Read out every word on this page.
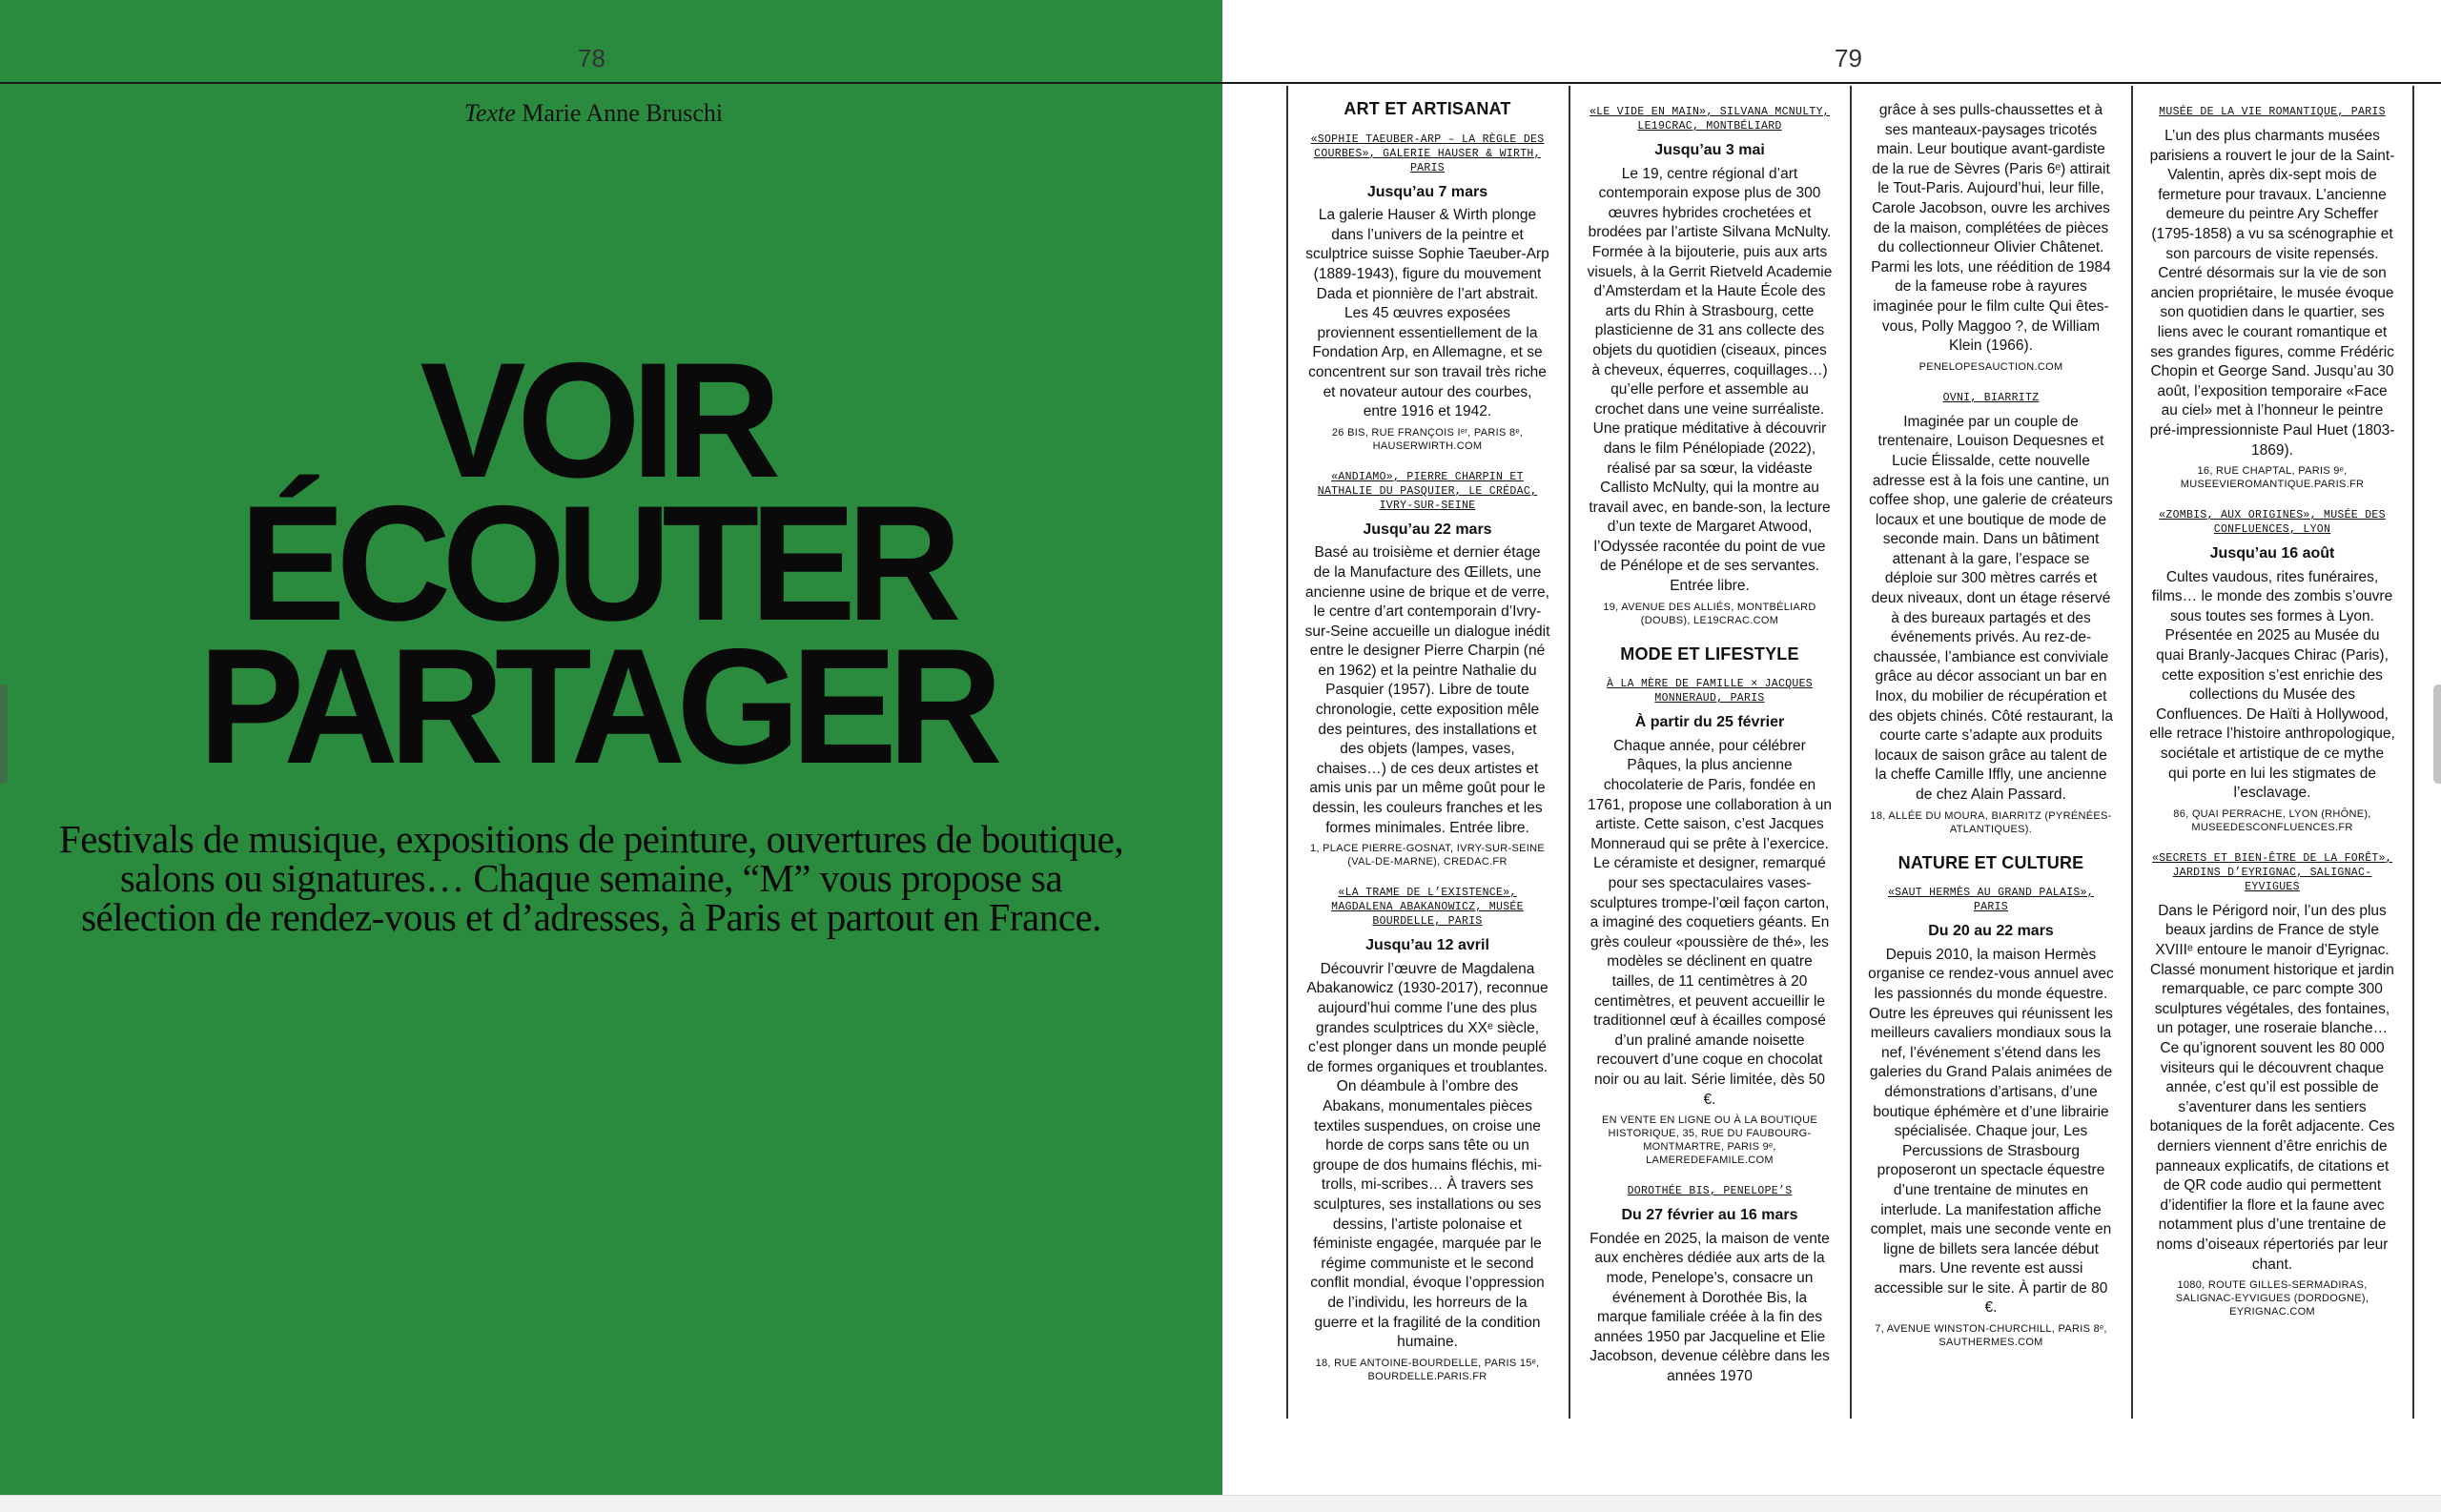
78
Texte Marie Anne Bruschi
VOIR
ÉCOUTER
PARTAGER
Festivals de musique, expositions de peinture, ouvertures de boutique, salons ou signatures… Chaque semaine, “M” vous propose sa sélection de rendez-vous et d’adresses, à Paris et partout en France.
79
ART ET ARTISANAT
«SOPHIE TAEUBER-ARP – LA RÈGLE DES COURBES», GALERIE HAUSER & WIRTH, PARIS
Jusqu’au 7 mars
La galerie Hauser & Wirth plonge dans l’univers de la peintre et sculptrice suisse Sophie Taeuber-Arp (1889-1943), figure du mouvement Dada et pionnière de l’art abstrait. Les 45 œuvres exposées proviennent essentiellement de la Fondation Arp, en Allemagne, et se concentrent sur son travail très riche et novateur autour des courbes, entre 1916 et 1942.
26 BIS, RUE FRANÇOIS Iᵉʳ, PARIS 8ᵉ, HAUSERWIRTH.COM
«ANDIAMO», PIERRE CHARPIN ET NATHALIE DU PASQUIER, LE CRÉDAC, IVRY-SUR-SEINE
Jusqu’au 22 mars
Basé au troisième et dernier étage de la Manufacture des Œillets, une ancienne usine de brique et de verre, le centre d’art contemporain d’Ivry-sur-Seine accueille un dialogue inédit entre le designer Pierre Charpin (né en 1962) et la peintre Nathalie du Pasquier (1957). Libre de toute chronologie, cette exposition mêle des peintures, des installations et des objets (lampes, vases, chaises…) de ces deux artistes et amis unis par un même goût pour le dessin, les couleurs franches et les formes minimales. Entrée libre.
1, PLACE PIERRE-GOSNAT, IVRY-SUR-SEINE (VAL-DE-MARNE), CREDAC.FR
«LA TRAME DE L’EXISTENCE», MAGDALENA ABAKANOWICZ, MUSÉE BOURDELLE, PARIS
Jusqu’au 12 avril
Découvrir l’œuvre de Magdalena Abakanowicz (1930-2017), reconnue aujourd’hui comme l’une des plus grandes sculptrices du XXᵉ siècle, c’est plonger dans un monde peuplé de formes organiques et troublantes. On déambule à l’ombre des Abakans, monumentales pièces textiles suspendues, on croise une horde de corps sans tête ou un groupe de dos humains fléchis, mi-trolls, mi-scribes… À travers ses sculptures, ses installations ou ses dessins, l’artiste polonaise et féministe engagée, marquée par le régime communiste et le second conflit mondial, évoque l’oppression de l’individu, les horreurs de la guerre et la fragilité de la condition humaine.
18, RUE ANTOINE-BOURDELLE, PARIS 15ᵉ, BOURDELLE.PARIS.FR
«LE VIDE EN MAIN», SILVANA MCNULTY, LE19CRAC, MONTBÉLIARD
Jusqu’au 3 mai
Le 19, centre régional d’art contemporain expose plus de 300 œuvres hybrides crochetées et brodées par l’artiste Silvana McNulty. Formée à la bijouterie, puis aux arts visuels, à la Gerrit Rietveld Academie d’Amsterdam et la Haute École des arts du Rhin à Strasbourg, cette plasticienne de 31 ans collecte des objets du quotidien (ciseaux, pinces à cheveux, équerres, coquillages…) qu’elle perfore et assemble au crochet dans une veine surréaliste. Une pratique méditative à découvrir dans le film Pénélopiade (2022), réalisé par sa sœur, la vidéaste Callisto McNulty, qui la montre au travail avec, en bande-son, la lecture d’un texte de Margaret Atwood, l’Odyssée racontée du point de vue de Pénélope et de ses servantes. Entrée libre.
19, AVENUE DES ALLIÉS, MONTBÉLIARD (DOUBS), LE19CRAC.COM
MODE ET LIFESTYLE
À LA MÈRE DE FAMILLE × JACQUES MONNERAUD, PARIS
À partir du 25 février
Chaque année, pour célébrer Pâques, la plus ancienne chocolaterie de Paris, fondée en 1761, propose une collaboration à un artiste. Cette saison, c’est Jacques Monneraud qui se prête à l’exercice. Le céramiste et designer, remarqué pour ses spectaculaires vases-sculptures trompe-l’œil façon carton, a imaginé des coquetiers géants. En grès couleur «poussière de thé», les modèles se déclinent en quatre tailles, de 11 centimètres à 20 centimètres, et peuvent accueillir le traditionnel œuf à écailles composé d’un praliné amande noisette recouvert d’une coque en chocolat noir ou au lait. Série limitée, dès 50 €.
EN VENTE EN LIGNE OU À LA BOUTIQUE HISTORIQUE, 35, RUE DU FAUBOURG-MONTMARTRE, PARIS 9ᵉ, LAMEREDEFAMILE.COM
DOROTHÉE BIS, PENELOPE’S
Du 27 février au 16 mars
Fondée en 2025, la maison de vente aux enchères dédiée aux arts de la mode, Penelope’s, consacre un événement à Dorothée Bis, la marque familiale créée à la fin des années 1950 par Jacqueline et Elie Jacobson, devenue célèbre dans les années 1970
grâce à ses pulls-chaussettes et à ses manteaux-paysages tricotés main. Leur boutique avant-gardiste de la rue de Sèvres (Paris 6ᵉ) attirait le Tout-Paris. Aujourd’hui, leur fille, Carole Jacobson, ouvre les archives de la maison, complétées de pièces du collectionneur Olivier Châtenet. Parmi les lots, une réédition de 1984 de la fameuse robe à rayures imaginée pour le film culte Qui êtes-vous, Polly Maggoo ?, de William Klein (1966).
PENELOPESAUCTION.COM
OVNI, BIARRITZ
Imaginée par un couple de trentenaire, Louison Dequesnes et Lucie Élissalde, cette nouvelle adresse est à la fois une cantine, un coffee shop, une galerie de créateurs locaux et une boutique de mode de seconde main. Dans un bâtiment attenant à la gare, l’espace se déploie sur 300 mètres carrés et deux niveaux, dont un étage réservé à des bureaux partagés et des événements privés. Au rez-de-chaussée, l’ambiance est conviviale grâce au décor associant un bar en Inox, du mobilier de récupération et des objets chinés. Côté restaurant, la courte carte s’adapte aux produits locaux de saison grâce au talent de la cheffe Camille Iffly, une ancienne de chez Alain Passard.
18, ALLÉE DU MOURA, BIARRITZ (PYRÉNÉES-ATLANTIQUES).
NATURE ET CULTURE
«SAUT HERMÈS AU GRAND PALAIS», PARIS
Du 20 au 22 mars
Depuis 2010, la maison Hermès organise ce rendez-vous annuel avec les passionnés du monde équestre. Outre les épreuves qui réunissent les meilleurs cavaliers mondiaux sous la nef, l’événement s’étend dans les galeries du Grand Palais animées de démonstrations d’artisans, d’une boutique éphémère et d’une librairie spécialisée. Chaque jour, Les Percussions de Strasbourg proposeront un spectacle équestre d’une trentaine de minutes en interlude. La manifestation affiche complet, mais une seconde vente en ligne de billets sera lancée début mars. Une revente est aussi accessible sur le site. À partir de 80 €.
7, AVENUE WINSTON-CHURCHILL, PARIS 8ᵉ, SAUTHERMES.COM
MUSÉE DE LA VIE ROMANTIQUE, PARIS
L’un des plus charmants musées parisiens a rouvert le jour de la Saint-Valentin, après dix-sept mois de fermeture pour travaux. L’ancienne demeure du peintre Ary Scheffer (1795-1858) a vu sa scénographie et son parcours de visite repensés. Centré désormais sur la vie de son ancien propriétaire, le musée évoque son quotidien dans le quartier, ses liens avec le courant romantique et ses grandes figures, comme Frédéric Chopin et George Sand. Jusqu’au 30 août, l’exposition temporaire «Face au ciel» met à l’honneur le peintre pré-impressionniste Paul Huet (1803-1869).
16, RUE CHAPTAL, PARIS 9ᵉ, MUSEEVIEROMANTIQUE.PARIS.FR
«ZOMBIS, AUX ORIGINES», MUSÉE DES CONFLUENCES, LYON
Jusqu’au 16 août
Cultes vaudous, rites funéraires, films… le monde des zombis s’ouvre sous toutes ses formes à Lyon. Présentée en 2025 au Musée du quai Branly-Jacques Chirac (Paris), cette exposition s’est enrichie des collections du Musée des Confluences. De Haïti à Hollywood, elle retrace l’histoire anthropologique, sociétale et artistique de ce mythe qui porte en lui les stigmates de l’esclavage.
86, QUAI PERRACHE, LYON (RHÔNE), MUSEEDESCONFLUENCES.FR
«SECRETS ET BIEN-ÊTRE DE LA FORÊT», JARDINS D’EYRIGNAC, SALIGNAC-EYVIGUES
Dans le Périgord noir, l’un des plus beaux jardins de France de style XVIIIᵉ entoure le manoir d’Eyrignac. Classé monument historique et jardin remarquable, ce parc compte 300 sculptures végétales, des fontaines, un potager, une roseraie blanche… Ce qu’ignorent souvent les 80 000 visiteurs qui le découvrent chaque année, c’est qu’il est possible de s’aventurer dans les sentiers botaniques de la forêt adjacente. Ces derniers viennent d’être enrichis de panneaux explicatifs, de citations et de QR code audio qui permettent d’identifier la flore et la faune avec notamment plus d’une trentaine de noms d’oiseaux répertoriés par leur chant.
1080, ROUTE GILLES-SERMADIRAS, SALIGNAC-EYVIGUES (DORDOGNE), EYRIGNAC.COM
